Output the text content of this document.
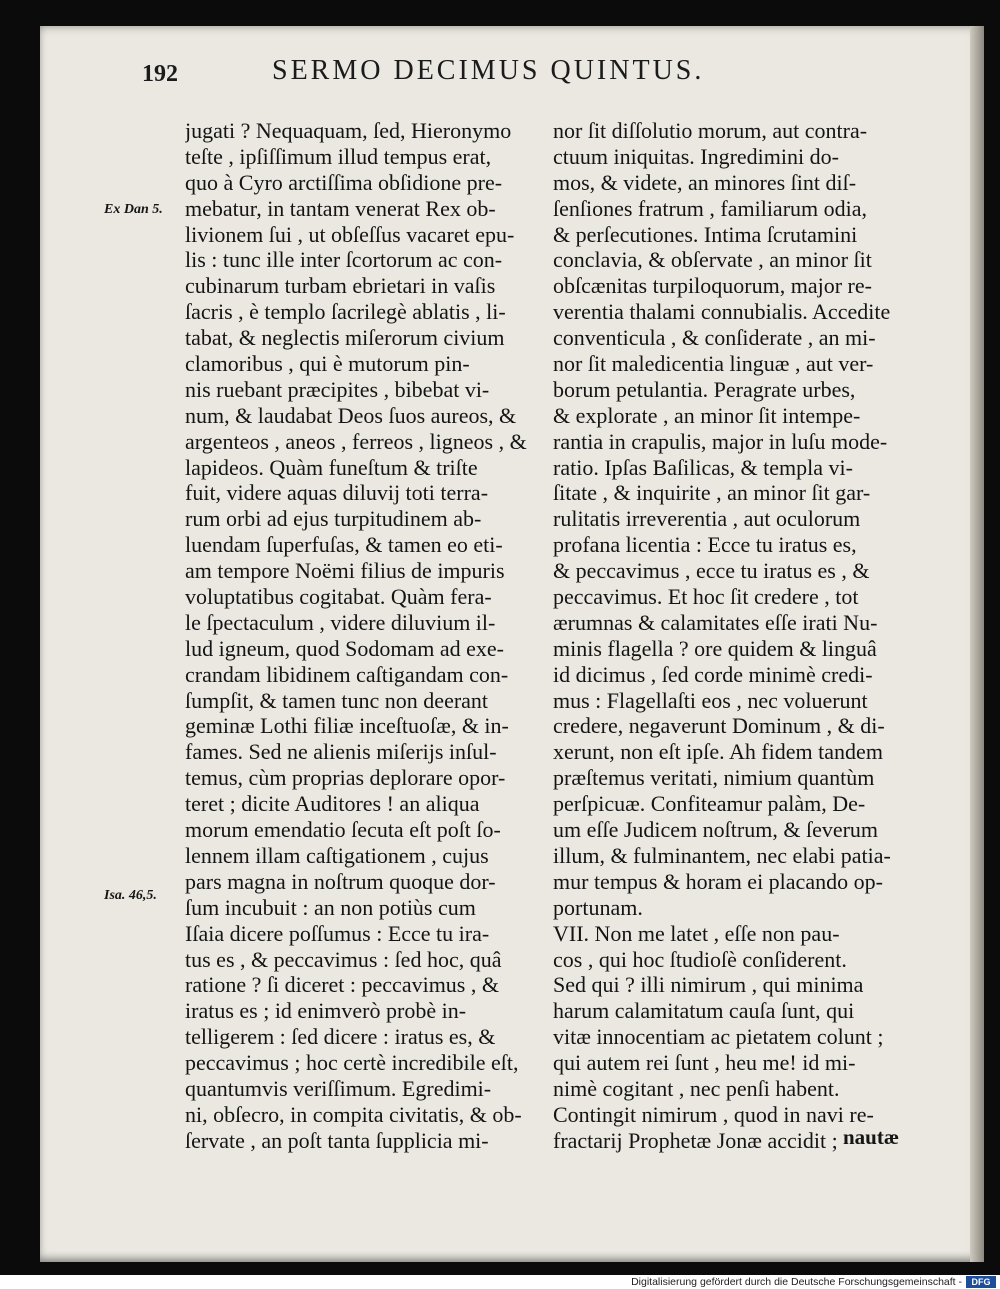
192	SERMO DECIMUS QUINTUS.
Ex Dan 5.
Isa. 46,5.
jugati ? Nequaquam, ſed, Hieronymo
teſte , ipſiſſimum illud tempus erat,
quo à Cyro arctiſſima obſidione pre-
mebatur, in tantam venerat Rex ob-
livionem ſui , ut obſeſſus vacaret epu-
lis : tunc ille inter ſcortorum ac con-
cubinarum turbam ebrietari in vaſis
ſacris , è templo ſacrilegè ablatis , li-
tabat, & neglectis miſerorum civium
clamoribus , qui è mutorum pin-
nis ruebant præcipites , bibebat vi-
num, & laudabat Deos ſuos aureos, &
argenteos , aneos , ferreos , ligneos , &
lapideos. Quàm funeſtum & triſte
fuit, videre aquas diluvij toti terra-
rum orbi ad ejus turpitudinem ab-
luendam ſuperfuſas, & tamen eo eti-
am tempore Noëmi filius de impuris
voluptatibus cogitabat. Quàm fera-
le ſpectaculum , videre diluvium il-
lud igneum, quod Sodomam ad exe-
crandam libidinem caſtigandam con-
ſumpſit, & tamen tunc non deerant
geminæ Lothi filiæ inceſtuoſæ, & in-
fames. Sed ne alienis miſerijs inſul-
temus, cùm proprias deplorare opor-
teret ; dicite Auditores ! an aliqua
morum emendatio ſecuta eſt poſt ſo-
lennem illam caſtigationem , cujus
pars magna in noſtrum quoque dor-
ſum incubuit : an non potiùs cum
Iſaia dicere poſſumus : Ecce tu ira-
tus es , & peccavimus : ſed hoc, quâ
ratione ? ſi diceret : peccavimus , &
iratus es ; id enimverò probè in-
telligerem : ſed dicere : iratus es, &
peccavimus ; hoc certè incredibile eſt,
quantumvis veriſſimum. Egredimi-
ni, obſecro, in compita civitatis, & ob-
ſervate , an poſt tanta ſupplicia mi-
nor ſit diſſolutio morum, aut contra-
ctuum iniquitas. Ingredimini do-
mos, & videte, an minores ſint diſ-
ſenſiones fratrum , familiarum odia,
& perſecutiones. Intima ſcrutamini
conclavia, & obſervate , an minor ſit
obſcænitas turpiloquorum, major re-
verentia thalami connubialis. Accedite
conventicula , & conſiderate , an mi-
nor ſit maledicentia linguæ , aut ver-
borum petulantia. Peragrate urbes,
& explorate , an minor ſit intempe-
rantia in crapulis, major in luſu mode-
ratio. Ipſas Baſilicas, & templa vi-
ſitate , & inquirite , an minor ſit gar-
rulitatis irreverentia , aut oculorum
profana licentia : Ecce tu iratus es,
& peccavimus , ecce tu iratus es , &
peccavimus. Et hoc ſit credere , tot
ærumnas & calamitates eſſe irati Nu-
minis flagella ? ore quidem & linguâ
id dicimus , ſed corde minimè credi-
mus : Flagellaſti eos , nec voluerunt
credere, negaverunt Dominum , & di-
xerunt, non eſt ipſe. Ah fidem tandem
præſtemus veritati, nimium quantùm
perſpicuæ. Confiteamur palàm, De-
um eſſe Judicem noſtrum, & ſeverum
illum, & fulminantem, nec elabi patia-
mur tempus & horam ei placando op-
portunam.
VII. Non me latet , eſſe non pau-
cos , qui hoc ſtudioſè conſiderent.
Sed qui ? illi nimirum , qui minima
harum calamitatum cauſa ſunt, qui
vitæ innocentiam ac pietatem colunt ;
qui autem rei ſunt , heu me! id mi-
nimè cogitant , nec penſi habent.
Contingit nimirum , quod in navi re-
fractarij Prophetæ Jonæ accidit ; nautæ
Digitalisierung gefördert durch die Deutsche Forschungsgemeinschaft -	DFG
